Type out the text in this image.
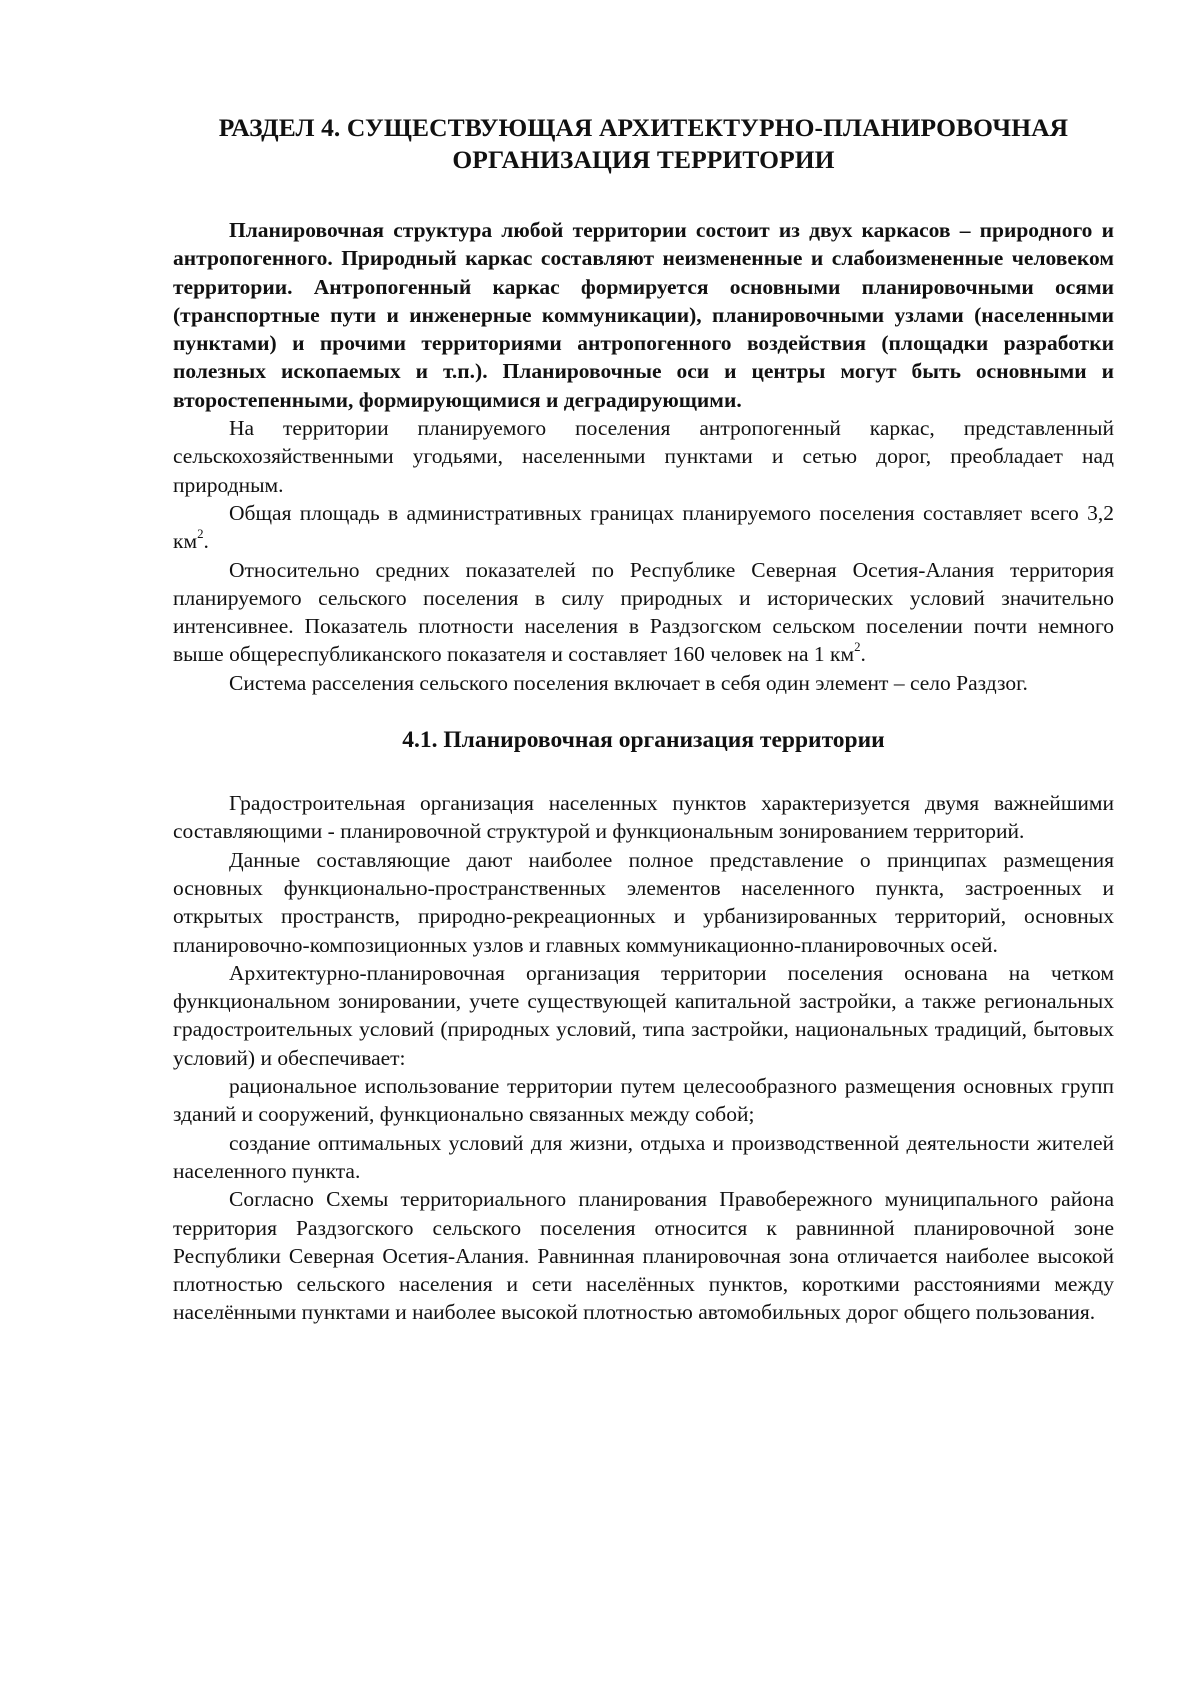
РАЗДЕЛ 4. СУЩЕСТВУЮЩАЯ АРХИТЕКТУРНО-ПЛАНИРОВОЧНАЯ
ОРГАНИЗАЦИЯ ТЕРРИТОРИИ

Планировочная структура любой территории состоит из двух каркасов – природного и антропогенного. Природный каркас составляют неизмененные и слабоизмененные человеком территории. Антропогенный каркас формируется основными планировочными осями (транспортные пути и инженерные коммуникации), планировочными узлами (населенными пунктами) и прочими территориями антропогенного воздействия (площадки разработки полезных ископаемых и т.п.). Планировочные оси и центры могут быть основными и второстепенными, формирующимися и деградирующими.

На территории планируемого поселения антропогенный каркас, представленный сельскохозяйственными угодьями, населенными пунктами и сетью дорог, преобладает над природным.

Общая площадь в административных границах планируемого поселения составляет всего 3,2 $км^2$.

Относительно средних показателей по Республике Северная Осетия-Алания территория планируемого сельского поселения в силу природных и исторических условий значительно интенсивнее. Показатель плотности населения в Раздзогском сельском поселении почти немного выше общереспубликанского показателя и составляет 160 человек на 1 $км^2$.

Система расселения сельского поселения включает в себя один элемент – село Раздзог.

4.1. Планировочная организация территории

Градостроительная организация населенных пунктов характеризуется двумя важнейшими составляющими - планировочной структурой и функциональным зонированием территорий.

Данные составляющие дают наиболее полное представление о принципах размещения основных функционально-пространственных элементов населенного пункта, застроенных и открытых пространств, природно-рекреационных и урбанизированных территорий, основных планировочно-композиционных узлов и главных коммуникационно-планировочных осей.

Архитектурно-планировочная организация территории поселения основана на четком функциональном зонировании, учете существующей капитальной застройки, а также региональных градостроительных условий (природных условий, типа застройки, национальных традиций, бытовых условий) и обеспечивает:

рациональное использование территории путем целесообразного размещения основных групп зданий и сооружений, функционально связанных между собой;

создание оптимальных условий для жизни, отдыха и производственной деятельности жителей населенного пункта.

Согласно Схемы территориального планирования Правобережного муниципального района территория Раздзогского сельского поселения относится к равнинной планировочной зоне Республики Северная Осетия-Алания. Равнинная планировочная зона отличается наиболее высокой плотностью сельского населения и сети населённых пунктов, короткими расстояниями между населёнными пунктами и наиболее высокой плотностью автомобильных дорог общего пользования.
